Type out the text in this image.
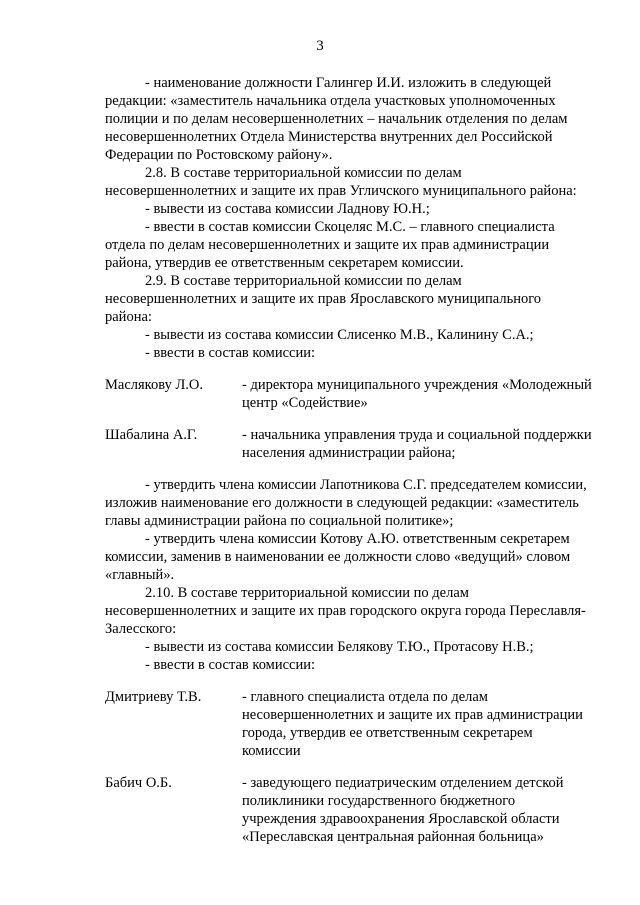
3
- наименование должности Галингер И.И. изложить в следующей
редакции: «заместитель начальника отдела участковых уполномоченных
полиции и по делам несовершеннолетних – начальник отделения по делам
несовершеннолетних Отдела Министерства внутренних дел Российской
Федерации по Ростовскому району».
2.8. В составе территориальной комиссии по делам
несовершеннолетних и защите их прав Угличского муниципального района:
- вывести из состава комиссии Ладнову Ю.Н.;
- ввести в состав комиссии Скоцеляс М.С. – главного специалиста
отдела по делам несовершеннолетних и защите их прав администрации
района, утвердив ее ответственным секретарем комиссии.
2.9. В составе территориальной комиссии по делам
несовершеннолетних и защите их прав Ярославского муниципального
района:
- вывести из состава комиссии Слисенко М.В., Калинину С.А.;
- ввести в состав комиссии:
Маслякову Л.О.	- директора муниципального учреждения «Молодежный
центр «Содействие»
Шабалина А.Г.	- начальника управления труда и социальной поддержки
населения администрации района;
- утвердить члена комиссии Лапотникова С.Г. председателем комиссии,
изложив наименование его должности в следующей редакции: «заместитель
главы администрации района по социальной политике»;
- утвердить члена комиссии Котову А.Ю. ответственным секретарем
комиссии, заменив в наименовании ее должности слово «ведущий» словом
«главный».
2.10. В составе территориальной комиссии по делам
несовершеннолетних и защите их прав городского округа города Переславля-
Залесского:
- вывести из состава комиссии Белякову Т.Ю., Протасову Н.В.;
- ввести в состав комиссии:
Дмитриеву Т.В.	- главного специалиста отдела по делам
несовершеннолетних и защите их прав администрации
города, утвердив ее ответственным секретарем
комиссии
Бабич О.Б.	- заведующего педиатрическим отделением детской
поликлиники государственного бюджетного
учреждения здравоохранения Ярославской области
«Переславская центральная районная больница»
